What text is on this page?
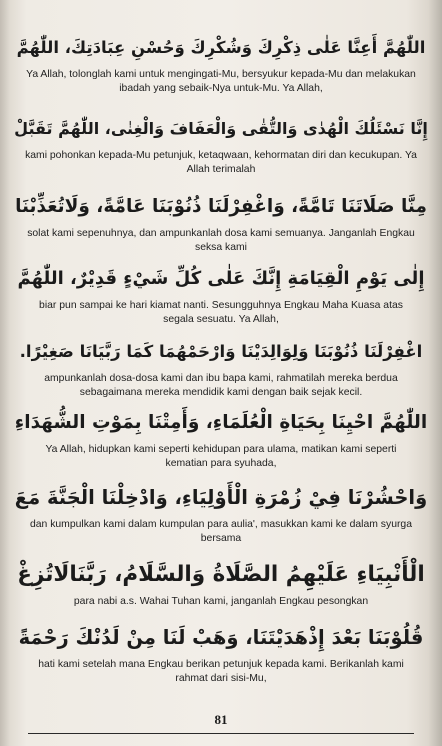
اللّٰهُمَّ أَعِنَّا عَلٰى ذِكْرِكَ وَشُكْرِكَ وَحُسْنِ عِبَادَتِكَ، اللّٰهُمَّ
Ya Allah, tolonglah kami untuk mengingati-Mu, bersyukur kepada-Mu dan melakukan ibadah yang sebaik-Nya untuk-Mu. Ya Allah,
إِنَّا نَسْئَلُكَ الْهُدٰى وَالتُّقٰى وَالْعَفَافَ وَالْغِنٰى، اللّٰهُمَّ تَقَبَّلْ
kami pohonkan kepada-Mu petunjuk, ketaqwaan, kehormatan diri dan kecukupan. Ya Allah terimalah
مِنَّا صَلَاتَنَا تَامَّةً، وَاغْفِرْلَنَا ذُنُوْبَنَا عَامَّةً، وَلَاتُعَذِّبْنَا
solat kami sepenuhnya, dan ampunkanlah dosa kami semuanya. Janganlah Engkau seksa kami
إِلٰى يَوْمِ الْقِيَامَةِ إِنَّكَ عَلٰى كُلِّ شَيْءٍ قَدِيْرٌ، اللّٰهُمَّ
biar pun sampai ke hari kiamat nanti. Sesungguhnya Engkau Maha Kuasa atas segala sesuatu. Ya Allah,
اغْفِرْلَنَا ذُنُوْبَنَا وَلِوَالِدَيْنَا وَارْحَمْهُمَا كَمَا رَبَّيَانَا صَغِيْرًا.
ampunkanlah dosa-dosa kami dan ibu bapa kami, rahmatilah mereka berdua sebagaimana mereka mendidik kami dengan baik sejak kecil.
اللّٰهُمَّ احْيِنَا بِحَيَاةِ الْعُلَمَاءِ، وَأَمِتْنَا بِمَوْتِ الشُّهَدَاءِ
Ya Allah, hidupkan kami seperti kehidupan para ulama, matikan kami seperti kematian para syuhada,
وَاحْشُرْنَا فِيْ زُمْرَةِ الْأَوْلِيَاءِ، وَادْخِلْنَا الْجَنَّةَ مَعَ
dan kumpulkan kami dalam kumpulan para aulia', masukkan kami ke dalam syurga bersama
الْأَنْبِيَاءِ عَلَيْهِمُ الصَّلَاةُ وَالسَّلَامُ، رَبَّنَالَاتُزِغْ
para nabi a.s. Wahai Tuhan kami, janganlah Engkau pesongkan
قُلُوْبَنَا بَعْدَ إِذْهَدَيْتَنَا، وَهَبْ لَنَا مِنْ لَدُنْكَ رَحْمَةً
hati kami setelah mana Engkau berikan petunjuk kepada kami. Berikanlah kami rahmat dari sisi-Mu,
81
